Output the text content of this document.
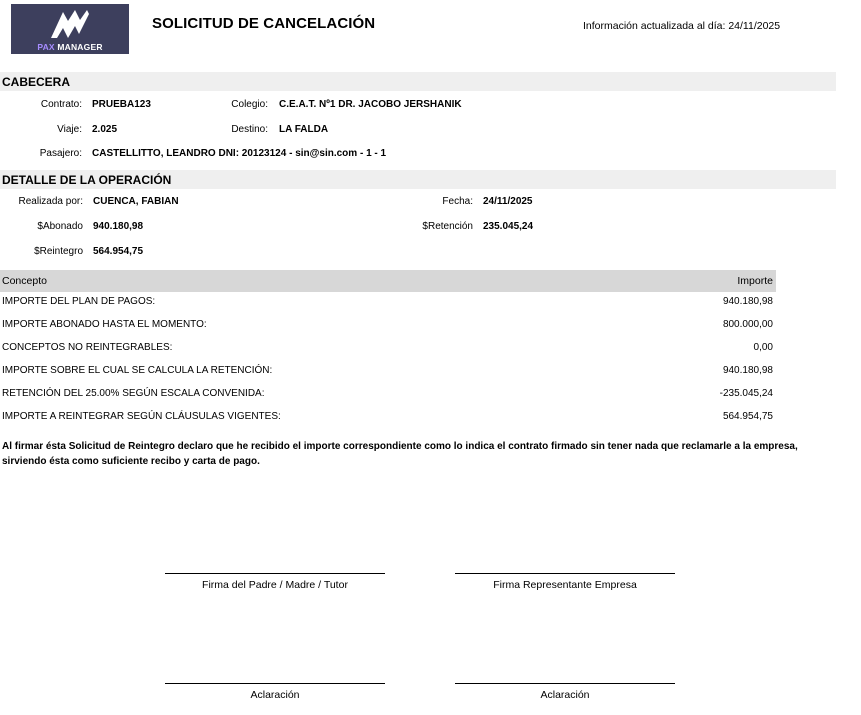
PAX MANAGER
SOLICITUD DE CANCELACIÓN	Información actualizada al día: 24/11/2025
CABECERA
Contrato: PRUEBA123	Colegio: C.E.A.T. Nº1 DR. JACOBO JERSHANIK
Viaje: 2.025	Destino: LA FALDA
Pasajero: CASTELLITTO, LEANDRO DNI: 20123124 - sin@sin.com - 1 - 1
DETALLE DE LA OPERACIÓN
Realizada por: CUENCA, FABIAN	Fecha: 24/11/2025
$Abonado 940.180,98	$Retención 235.045,24
$Reintegro 564.954,75
Concepto	Importe
IMPORTE DEL PLAN DE PAGOS:	940.180,98
IMPORTE ABONADO HASTA EL MOMENTO:	800.000,00
CONCEPTOS NO REINTEGRABLES:	0,00
IMPORTE SOBRE EL CUAL SE CALCULA LA RETENCIÓN:	940.180,98
RETENCIÓN DEL 25.00% SEGÚN ESCALA CONVENIDA:	-235.045,24
IMPORTE A REINTEGRAR SEGÚN CLÁUSULAS VIGENTES:	564.954,75
Al firmar ésta Solicitud de Reintegro declaro que he recibido el importe correspondiente como lo indica el contrato firmado sin tener nada que reclamarle a la empresa, sirviendo ésta como suficiente recibo y carta de pago.
Firma del Padre / Madre / Tutor	Firma Representante Empresa
Aclaración	Aclaración
